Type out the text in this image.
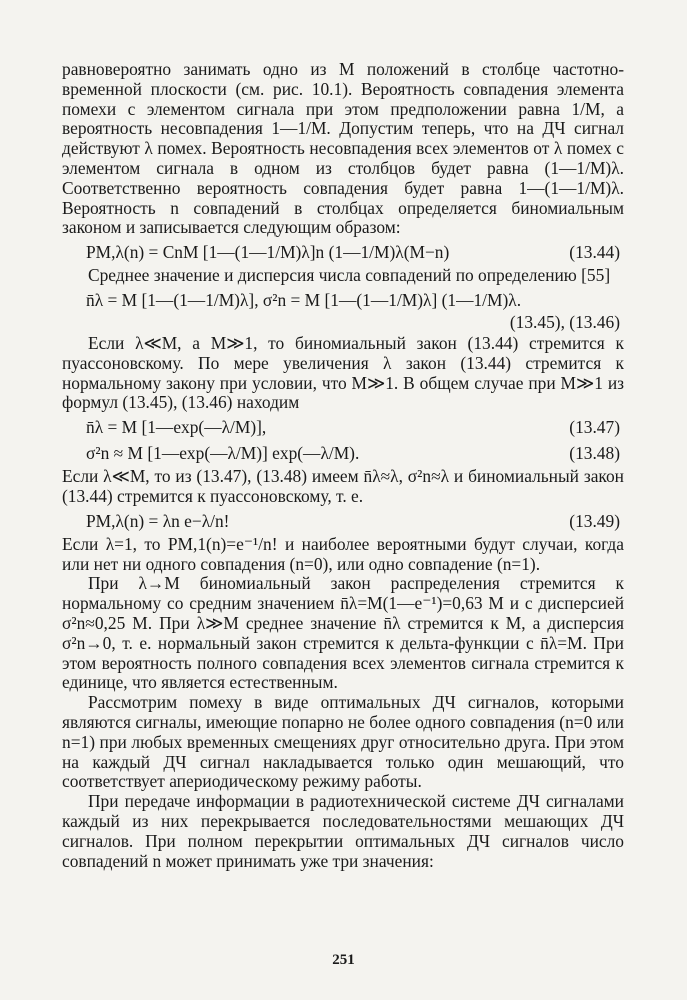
равновероятно занимать одно из M положений в столбце частотно-временной плоскости (см. рис. 10.1). Вероятность совпадения элемента помехи с элементом сигнала при этом предположении равна 1/M, а вероятность несовпадения 1—1/M. Допустим теперь, что на ДЧ сигнал действуют λ помех. Вероятность несовпадения всех элементов от λ помех с элементом сигнала в одном из столбцов будет равна (1—1/M)λ. Соответственно вероятность совпадения будет равна 1—(1—1/M)λ. Вероятность n совпадений в столбцах определяется биномиальным законом и записывается следующим образом:

PM,λ(n) = CnM [1—(1—1/M)λ]n (1—1/M)λ(M−n)	(13.44)

Среднее значение и дисперсия числа совпадений по определению [55]

n̄λ = M [1—(1—1/M)λ], σ²n = M [1—(1—1/M)λ] (1—1/M)λ.
(13.45), (13.46)

Если λ≪M, а M≫1, то биномиальный закон (13.44) стремится к пуассоновскому. По мере увеличения λ закон (13.44) стремится к нормальному закону при условии, что M≫1. В общем случае при M≫1 из формул (13.45), (13.46) находим

n̄λ = M [1—exp(—λ/M)],	(13.47)
σ²n ≈ M [1—exp(—λ/M)] exp(—λ/M).	(13.48)

Если λ≪M, то из (13.47), (13.48) имеем n̄λ≈λ, σ²n≈λ и биномиальный закон (13.44) стремится к пуассоновскому, т. е.

PM,λ(n) = λn e−λ/n!	(13.49)

Если λ=1, то PM,1(n)=e⁻¹/n! и наиболее вероятными будут случаи, когда или нет ни одного совпадения (n=0), или одно совпадение (n=1).

При λ→M биномиальный закон распределения стремится к нормальному со средним значением n̄λ=M(1—e⁻¹)=0,63 M и с дисперсией σ²n≈0,25 M. При λ≫M среднее значение n̄λ стремится к M, а дисперсия σ²n→0, т. е. нормальный закон стремится к дельта-функции с n̄λ=M. При этом вероятность полного совпадения всех элементов сигнала стремится к единице, что является естественным.

Рассмотрим помеху в виде оптимальных ДЧ сигналов, которыми являются сигналы, имеющие попарно не более одного совпадения (n=0 или n=1) при любых временных смещениях друг относительно друга. При этом на каждый ДЧ сигнал накладывается только один мешающий, что соответствует апериодическому режиму работы.

При передаче информации в радиотехнической системе ДЧ сигналами каждый из них перекрывается последовательностями мешающих ДЧ сигналов. При полном перекрытии оптимальных ДЧ сигналов число совпадений n может принимать уже три значения:

251
